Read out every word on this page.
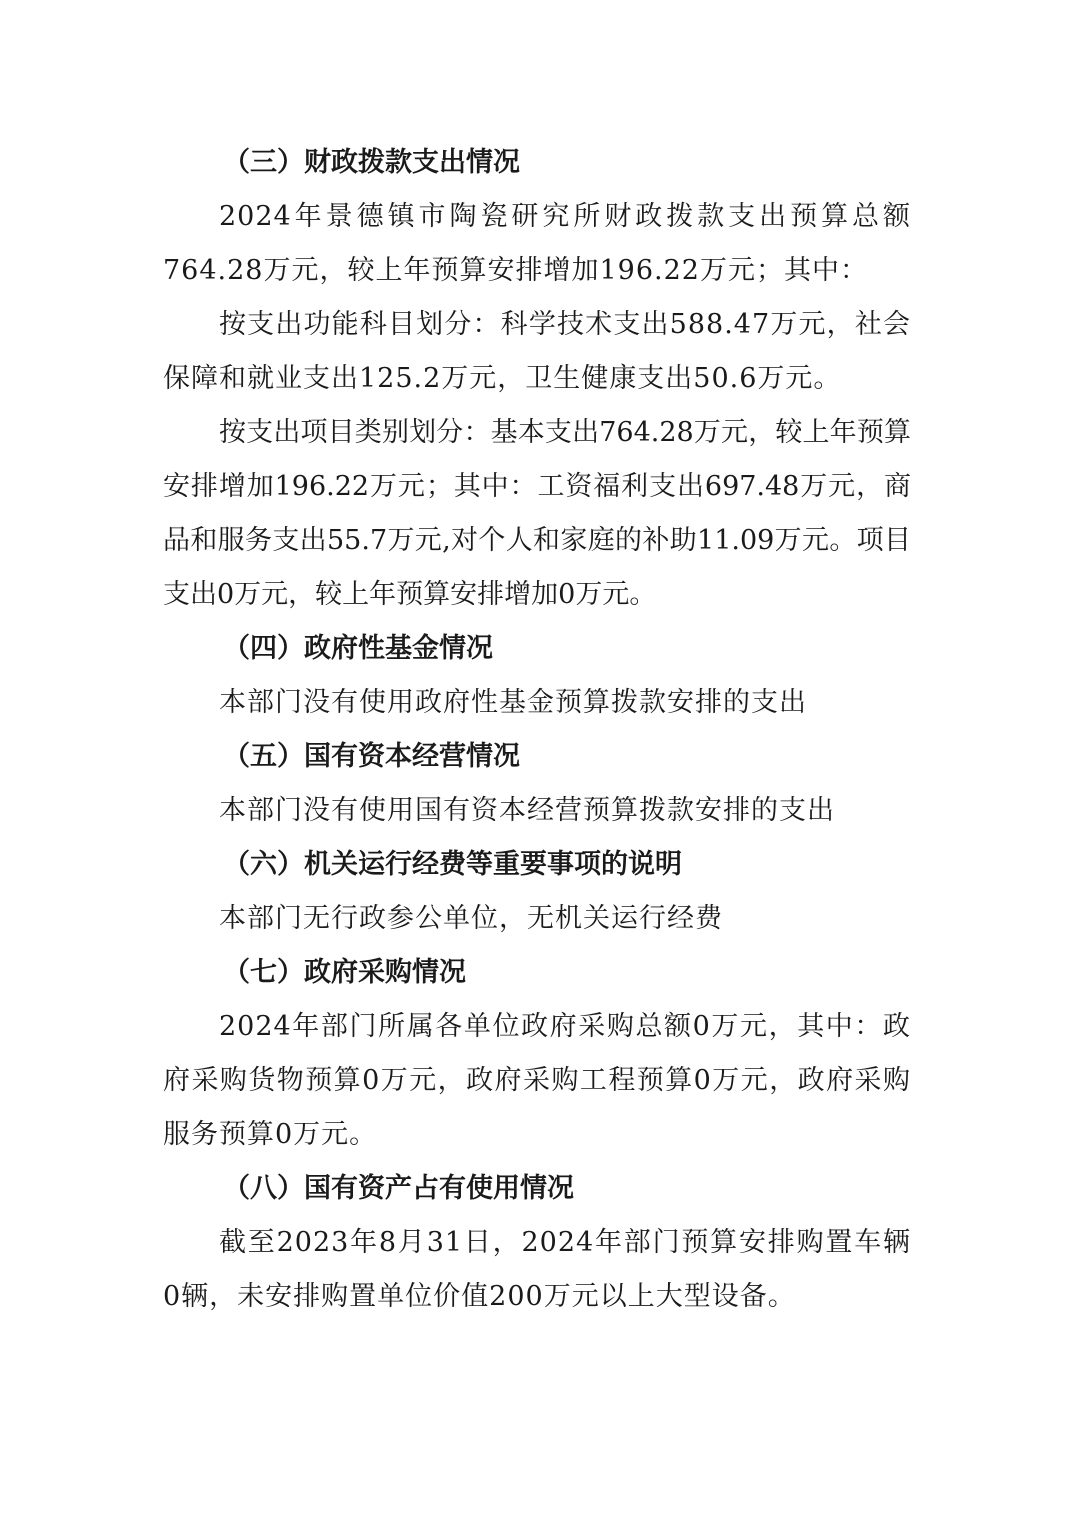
（三）财政拨款支出情况

2024年景德镇市陶瓷研究所财政拨款支出预算总额764.28万元，较上年预算安排增加196.22万元；其中：

按支出功能科目划分：科学技术支出588.47万元，社会保障和就业支出125.2万元，卫生健康支出50.6万元。

按支出项目类别划分：基本支出764.28万元，较上年预算安排增加196.22万元；其中：工资福利支出697.48万元，商品和服务支出55.7万元,对个人和家庭的补助11.09万元。项目支出0万元，较上年预算安排增加0万元。

（四）政府性基金情况

本部门没有使用政府性基金预算拨款安排的支出

（五）国有资本经营情况

本部门没有使用国有资本经营预算拨款安排的支出

（六）机关运行经费等重要事项的说明

本部门无行政参公单位，无机关运行经费

（七）政府采购情况

2024年部门所属各单位政府采购总额0万元，其中：政府采购货物预算0万元，政府采购工程预算0万元，政府采购服务预算0万元。

（八）国有资产占有使用情况

截至2023年8月31日，2024年部门预算安排购置车辆0辆，未安排购置单位价值200万元以上大型设备。
